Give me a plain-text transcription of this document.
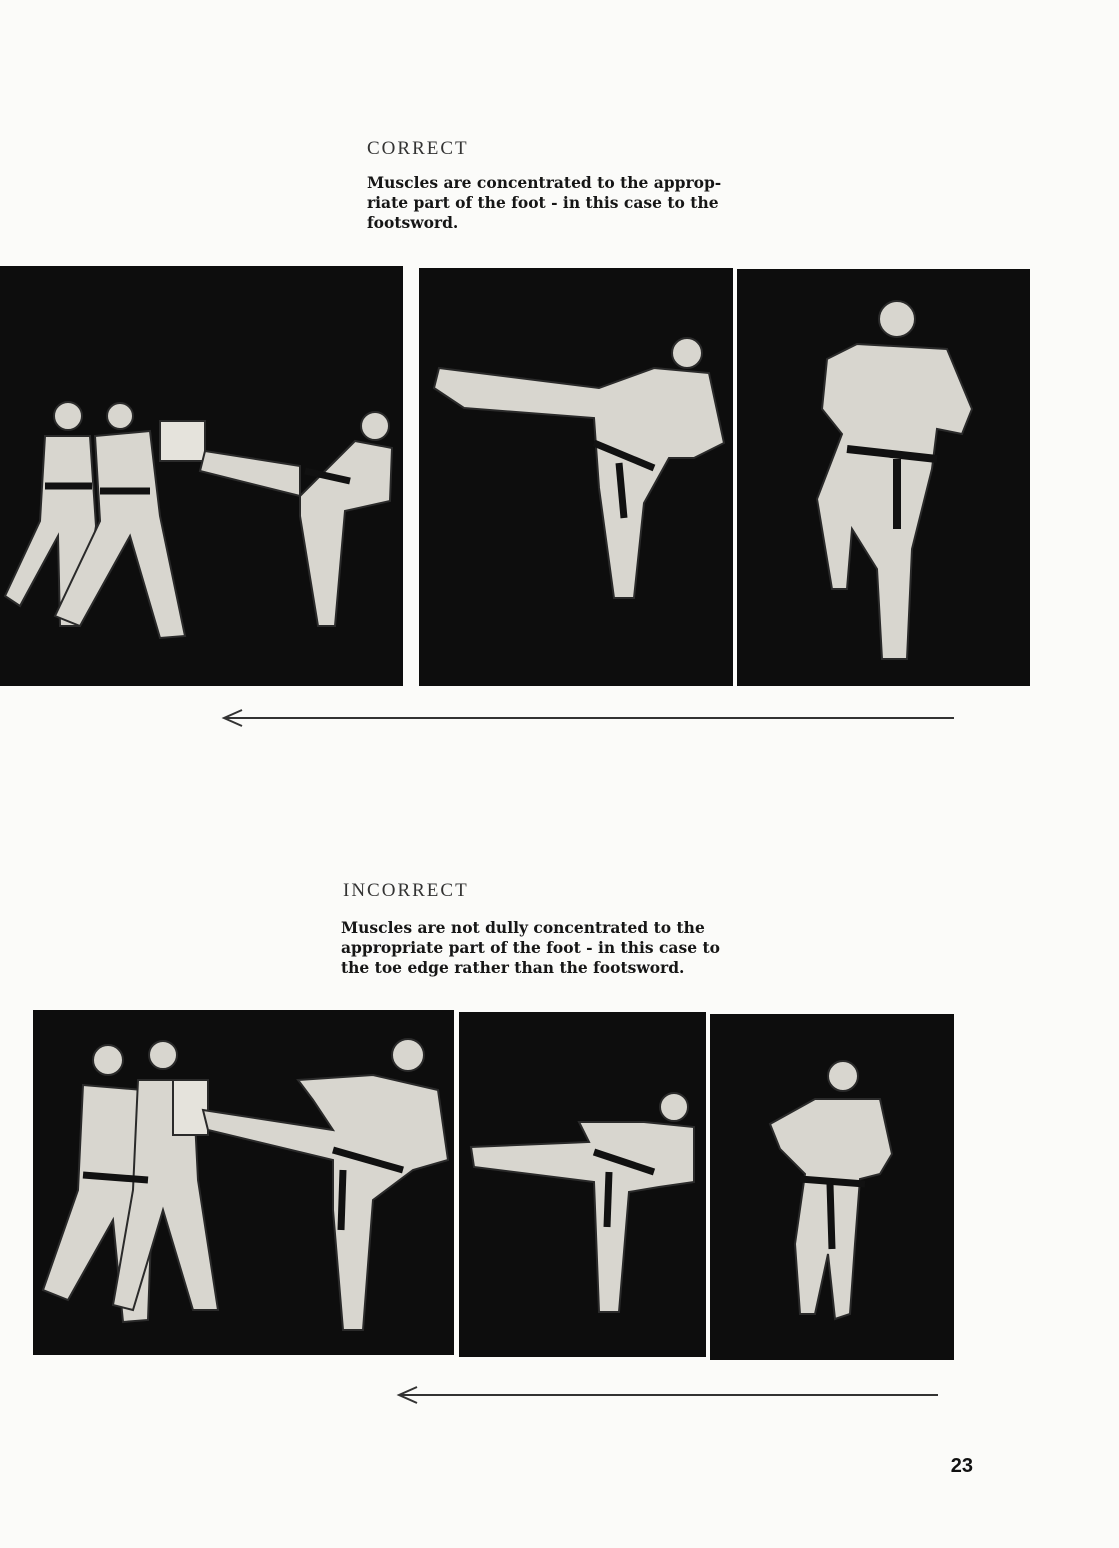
CORRECT
Muscles are concentrated to the approp-
riate part of the foot - in this case to the
footsword.
INCORRECT
Muscles are not dully concentrated to the
appropriate part of the foot - in this case to
the toe edge rather than the footsword.
23
